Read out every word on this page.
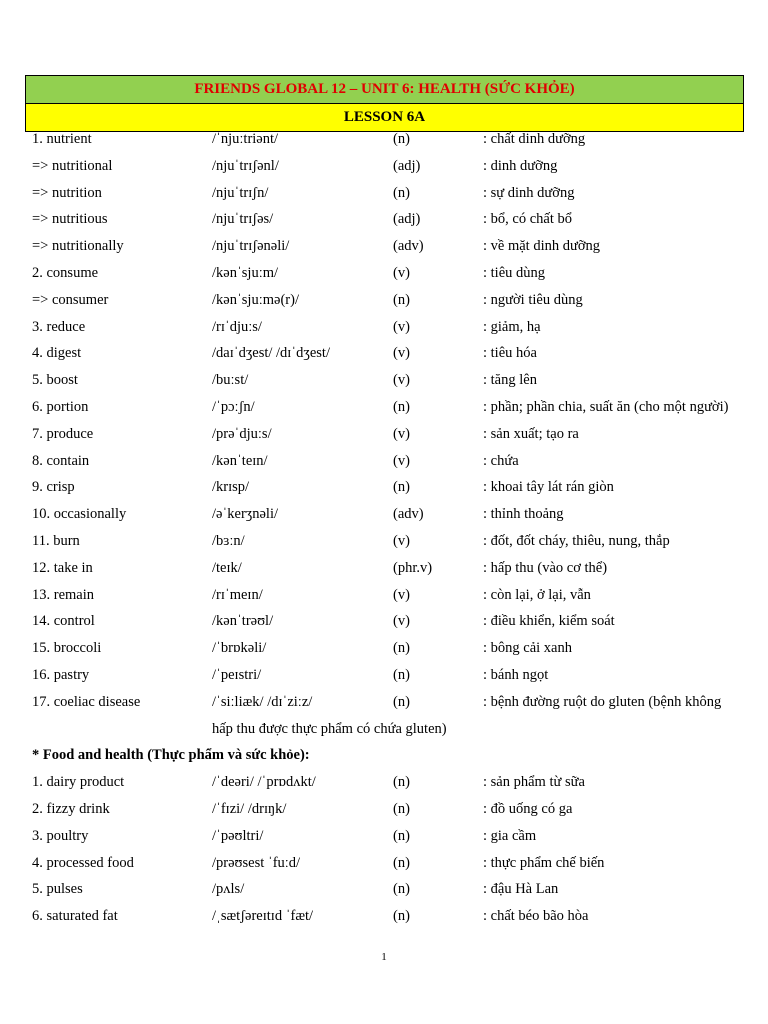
FRIENDS GLOBAL 12 – UNIT 6: HEALTH (SỨC KHỎE)
LESSON 6A
1. nutrient	/ˈnjuːtriənt/	(n)	: chất dinh dưỡng
=> nutritional	/njuˈtrɪʃənl/	(adj)	: dinh dưỡng
=> nutrition	/njuˈtrɪʃn/	(n)	: sự dinh dưỡng
=> nutritious	/njuˈtrɪʃəs/	(adj)	: bổ, có chất bổ
=> nutritionally	/njuˈtrɪʃənəli/	(adv)	: về mặt dinh dưỡng
2. consume	/kənˈsjuːm/	(v)	: tiêu dùng
=> consumer	/kənˈsjuːmə(r)/	(n)	: người tiêu dùng
3. reduce	/rɪˈdjuːs/	(v)	: giảm, hạ
4. digest	/daɪˈdʒest/ /dɪˈdʒest/	(v)	: tiêu hóa
5. boost	/buːst/	(v)	: tăng lên
6. portion	/ˈpɔːʃn/	(n)	: phần; phần chia, suất ăn (cho một người)
7. produce	/prəˈdjuːs/	(v)	: sản xuất; tạo ra
8. contain	/kənˈteɪn/	(v)	: chứa
9. crisp	/krɪsp/	(n)	: khoai tây lát rán giòn
10. occasionally	/əˈkerʒnəli/	(adv)	: thỉnh thoảng
11. burn	/bɜːn/	(v)	: đốt, đốt cháy, thiêu, nung, thắp
12. take in	/teɪk/	(phr.v)	: hấp thu (vào cơ thể)
13. remain	/rɪˈmeɪn/	(v)	: còn lại, ở lại, vẫn
14. control	/kənˈtrəʊl/	(v)	: điều khiển, kiểm soát
15. broccoli	/ˈbrɒkəli/	(n)	: bông cải xanh
16. pastry	/ˈpeɪstri/	(n)	: bánh ngọt
17. coeliac disease	/ˈsiːliæk/ /dɪˈziːz/	(n)	: bệnh đường ruột do gluten (bệnh không
hấp thu được thực phẩm có chứa gluten)
* Food and health (Thực phẩm và sức khỏe):
1. dairy product	/ˈdeəri/ /ˈprɒdʌkt/	(n)	: sản phẩm từ sữa
2. fizzy drink	/ˈfɪzi/ /drɪŋk/	(n)	: đồ uống có ga
3. poultry	/ˈpəʊltri/	(n)	: gia cầm
4. processed food	/prəʊsest ˈfuːd/	(n)	: thực phẩm chế biến
5. pulses	/pʌls/	(n)	: đậu Hà Lan
6. saturated fat	/ˌsætʃəreɪtɪd ˈfæt/	(n)	: chất béo bão hòa
1
